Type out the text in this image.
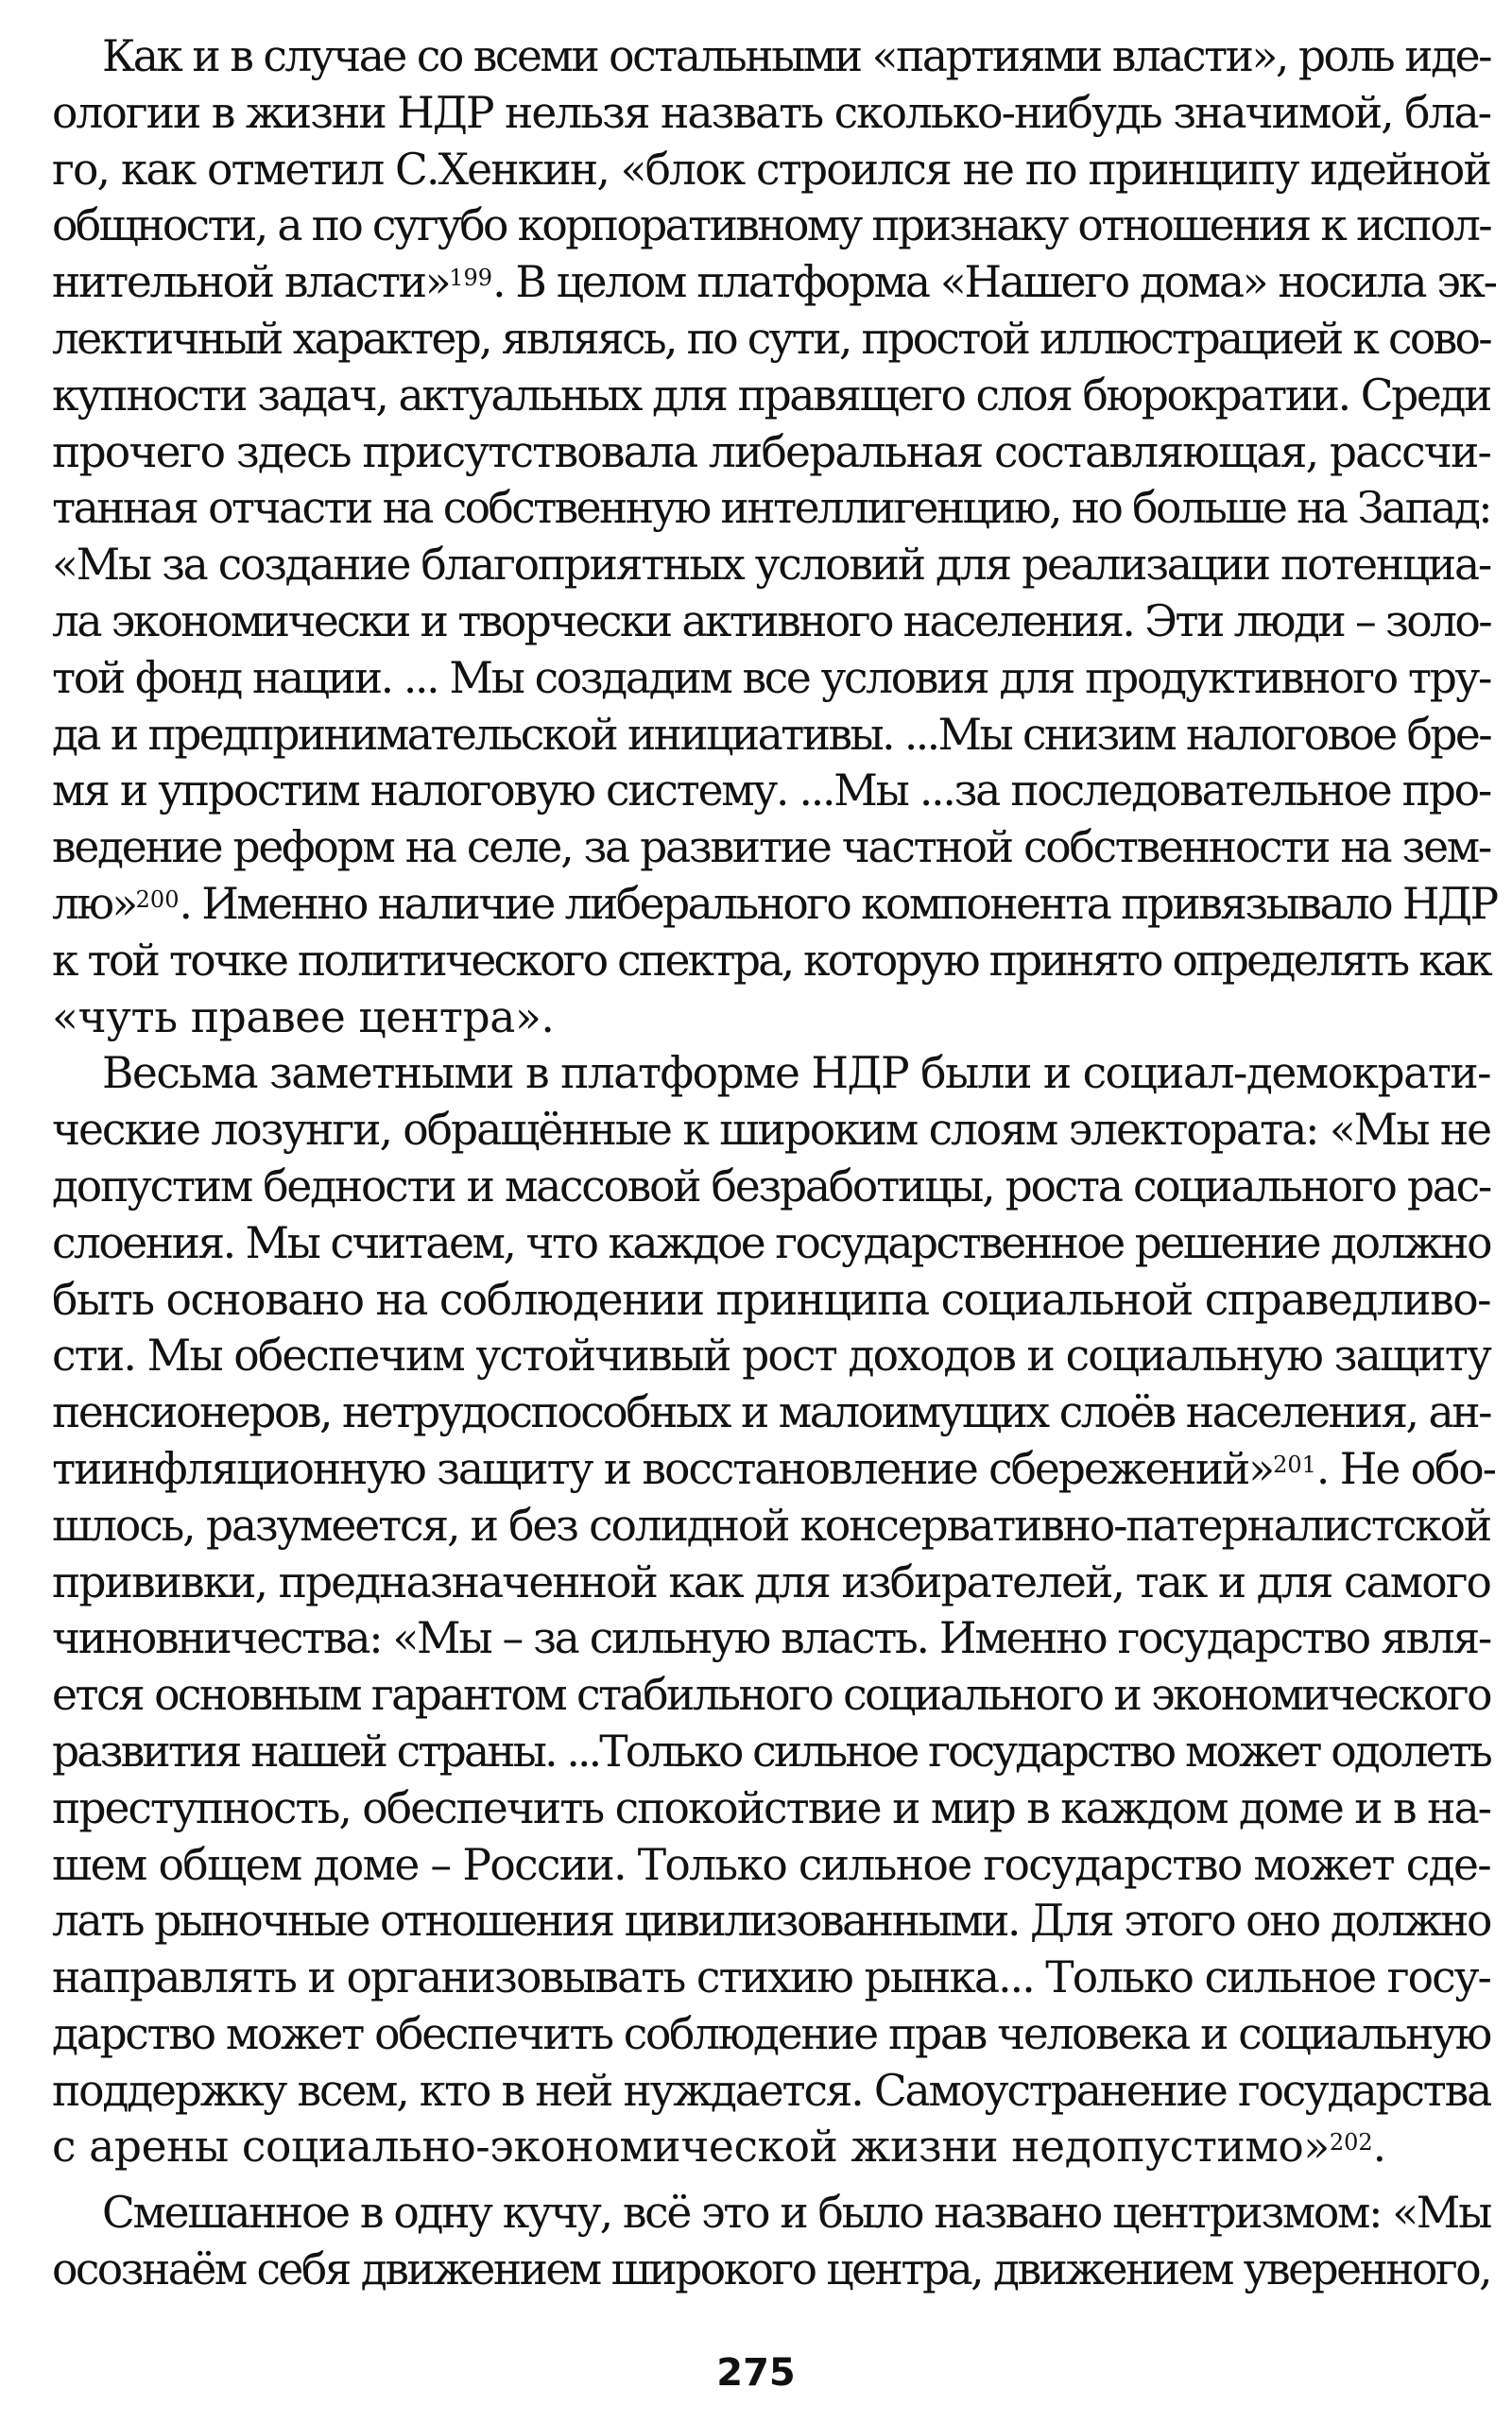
Как и в случае со всеми остальными «партиями власти», роль иде-
ологии в жизни НДР нельзя назвать сколько-нибудь значимой, бла-
го, как отметил С.Хенкин, «блок строился не по принципу идейной
общности, а по сугубо корпоративному признаку отношения к испол-
нительной власти»$^{199}$. В целом платформа «Нашего дома» носила эк-
лектичный характер, являясь, по сути, простой иллюстрацией к сово-
купности задач, актуальных для правящего слоя бюрократии. Среди
прочего здесь присутствовала либеральная составляющая, рассчи-
танная отчасти на собственную интеллигенцию, но больше на Запад:
«Мы за создание благоприятных условий для реализации потенциа-
ла экономически и творчески активного населения. Эти люди – золо-
той фонд нации. ... Мы создадим все условия для продуктивного тру-
да и предпринимательской инициативы. ...Мы снизим налоговое бре-
мя и упростим налоговую систему. ...Мы ...за последовательное про-
ведение реформ на селе, за развитие частной собственности на зем-
лю»$^{200}$. Именно наличие либерального компонента привязывало НДР
к той точке политического спектра, которую принято определять как
«чуть правее центра».
Весьма заметными в платформе НДР были и социал-демократи-
ческие лозунги, обращённые к широким слоям электората: «Мы не
допустим бедности и массовой безработицы, роста социального рас-
слоения. Мы считаем, что каждое государственное решение должно
быть основано на соблюдении принципа социальной справедливо-
сти. Мы обеспечим устойчивый рост доходов и социальную защиту
пенсионеров, нетрудоспособных и малоимущих слоёв населения, ан-
тиинфляционную защиту и восстановление сбережений»$^{201}$. Не обо-
шлось, разумеется, и без солидной консервативно-патерналистской
прививки, предназначенной как для избирателей, так и для самого
чиновничества: «Мы – за сильную власть. Именно государство явля-
ется основным гарантом стабильного социального и экономического
развития нашей страны. ...Только сильное государство может одолеть
преступность, обеспечить спокойствие и мир в каждом доме и в на-
шем общем доме – России. Только сильное государство может сде-
лать рыночные отношения цивилизованными. Для этого оно должно
направлять и организовывать стихию рынка... Только сильное госу-
дарство может обеспечить соблюдение прав человека и социальную
поддержку всем, кто в ней нуждается. Самоустранение государства
с арены социально-экономической жизни недопустимо»$^{202}$.
Смешанное в одну кучу, всё это и было названо центризмом: «Мы
осознаём себя движением широкого центра, движением уверенного,
275
